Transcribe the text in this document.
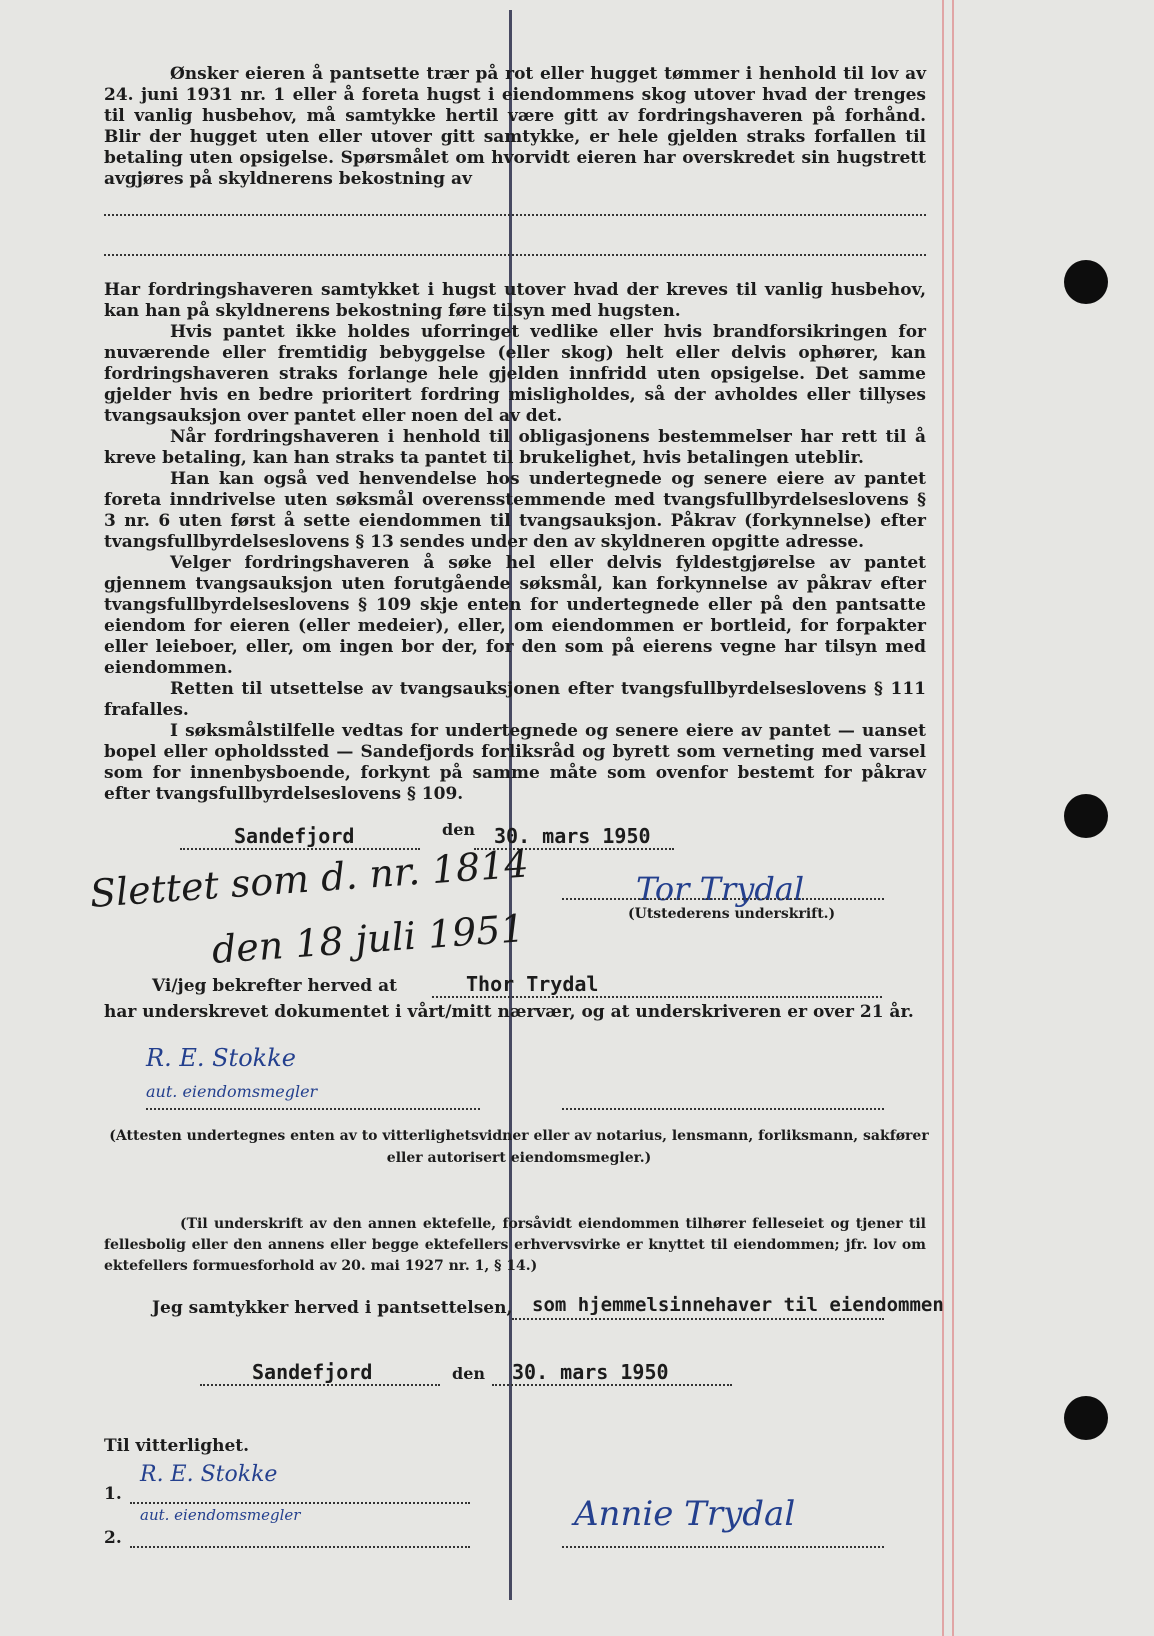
Ønsker eieren å pantsette trær på rot eller hugget tømmer i henhold til lov av 24. juni 1931 nr. 1 eller å foreta hugst i eiendommens skog utover hvad der trenges til vanlig husbehov, må samtykke hertil være gitt av fordringshaveren på forhånd. Blir der hugget uten eller utover gitt samtykke, er hele gjelden straks forfallen til betaling uten opsigelse. Spørsmålet om hvorvidt eieren har overskredet sin hugstrett avgjøres på skyldnerens bekostning av

Har fordringshaveren samtykket i hugst utover hvad der kreves til vanlig husbehov, kan han på skyldnerens bekostning føre tilsyn med hugsten.

Hvis pantet ikke holdes uforringet vedlike eller hvis brandforsikringen for nuværende eller fremtidig bebyggelse (eller skog) helt eller delvis ophører, kan fordringshaveren straks forlange hele gjelden innfridd uten opsigelse. Det samme gjelder hvis en bedre prioritert fordring misligholdes, så der avholdes eller tillyses tvangsauksjon over pantet eller noen del av det.

Når fordringshaveren i henhold til obligasjonens bestemmelser har rett til å kreve betaling, kan han straks ta pantet til brukelighet, hvis betalingen uteblir.

Han kan også ved henvendelse hos undertegnede og senere eiere av pantet foreta inndrivelse uten søksmål overensstemmende med tvangsfullbyrdelseslovens § 3 nr. 6 uten først å sette eiendommen til tvangsauksjon. Påkrav (forkynnelse) efter tvangsfullbyrdelseslovens § 13 sendes under den av skyldneren opgitte adresse.

Velger fordringshaveren å søke hel eller delvis fyldestgjørelse av pantet gjennem tvangsauksjon uten forutgående søksmål, kan forkynnelse av påkrav efter tvangsfullbyrdelseslovens § 109 skje enten for undertegnede eller på den pantsatte eiendom for eieren (eller medeier), eller, om eiendommen er bortleid, for forpakter eller leieboer, eller, om ingen bor der, for den som på eierens vegne har tilsyn med eiendommen.

Retten til utsettelse av tvangsauksjonen efter tvangsfullbyrdelseslovens § 111 frafalles.

I søksmålstilfelle vedtas for undertegnede og senere eiere av pantet — uanset bopel eller opholdssted — Sandefjords forliksråd og byrett som verneting med varsel som for innenbysboende, forkynt på samme måte som ovenfor bestemt for påkrav efter tvangsfullbyrdelseslovens § 109.

Sandefjord	den 30. mars 1950
Slettet som d. nr. 1814
den 18 juli 1951
Tor Trydal
(Utstederens underskrift.)
Vi/jeg bekrefter herved at	Thor Trydal
har underskrevet dokumentet i vårt/mitt nærvær, og at underskriveren er over 21 år.
R. E. Stokke
aut. eiendomsmegler
(Attesten undertegnes enten av to vitterlighetsvidner eller av notarius, lensmann, forliksmann, sakfører
eller autorisert eiendomsmegler.)
(Til underskrift av den annen ektefelle, forsåvidt eiendommen tilhører felleseiet og tjener til fellesbolig eller den annens eller begge ektefellers erhvervsvirke er knyttet til eiendommen; jfr. lov om ektefellers formuesforhold av 20. mai 1927 nr. 1, § 14.)
Jeg samtykker herved i pantsettelsen, som hjemmelsinnehaver til eiendommen
Sandefjord	den 30. mars 1950
Til vitterlighet.
1.
R. E. Stokke
aut. eiendomsmegler
2.
Annie Trydal
